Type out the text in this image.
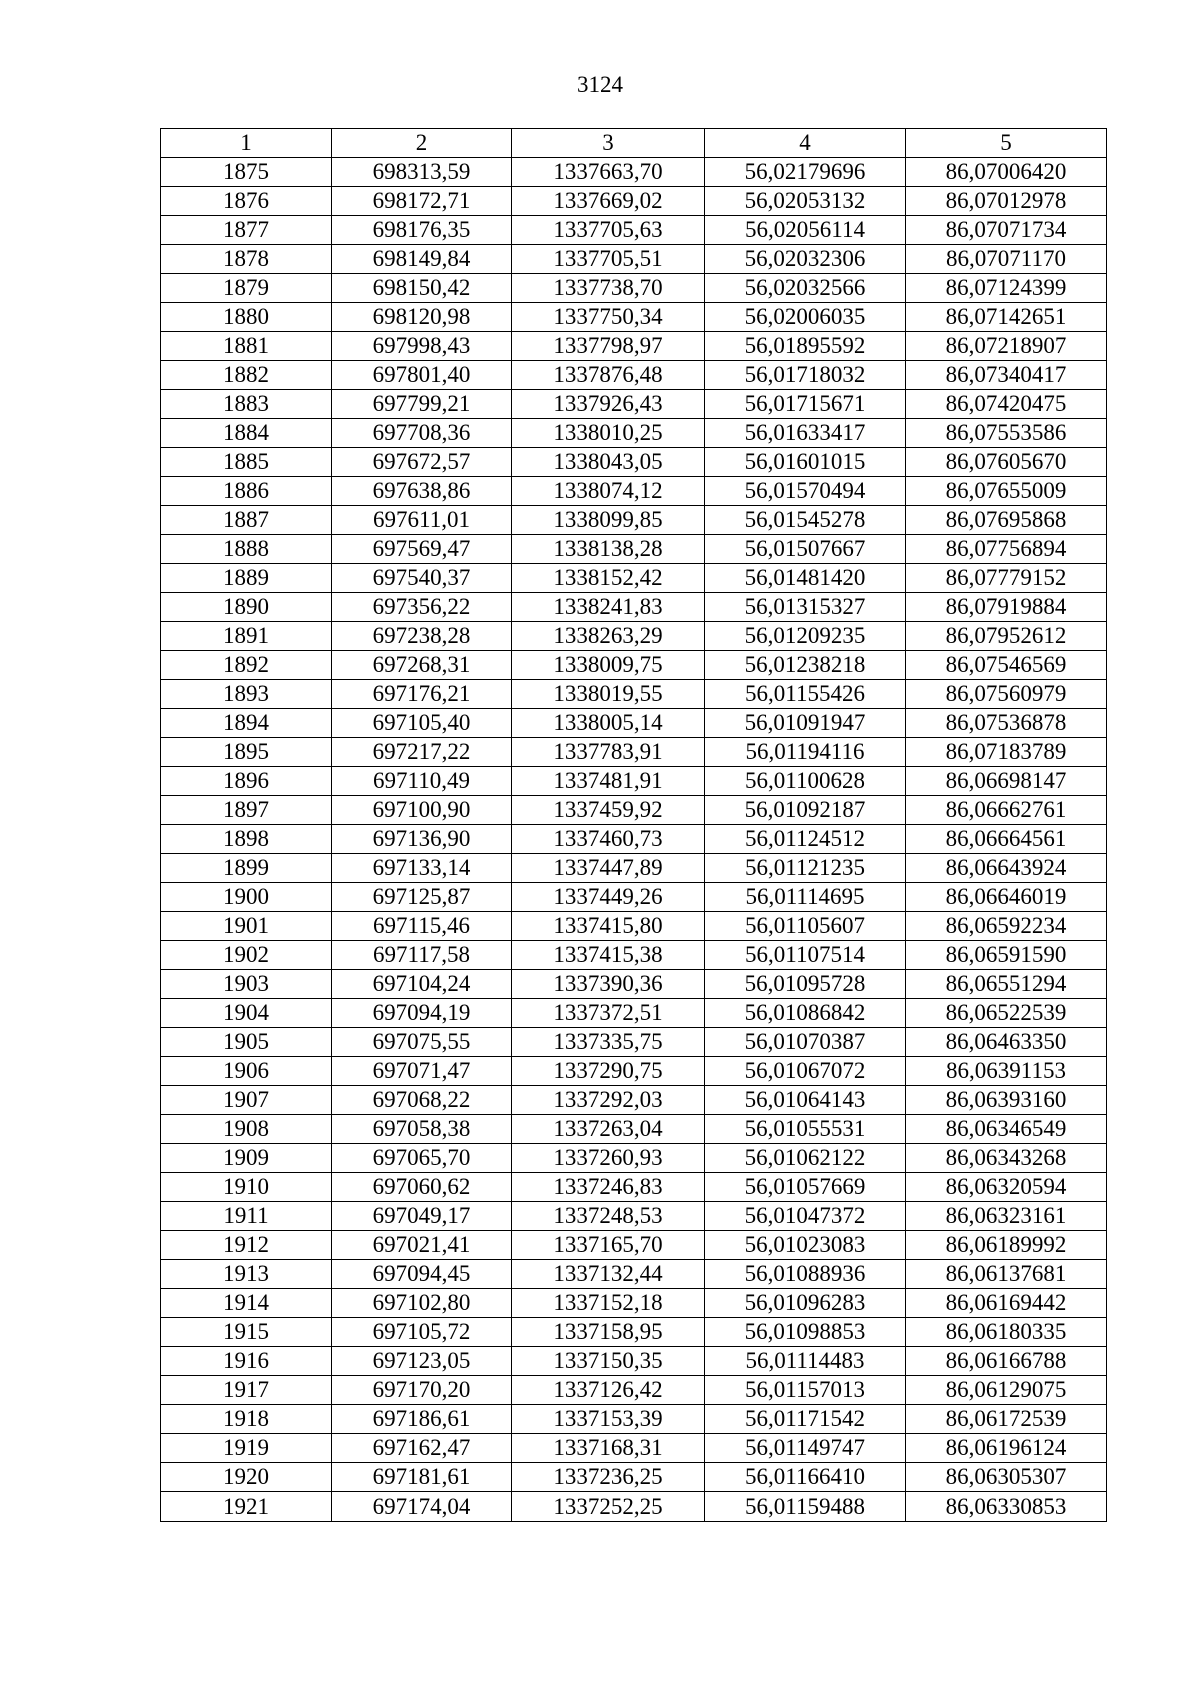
3124
1	2	3	4	5
1875	698313,59	1337663,70	56,02179696	86,07006420
1876	698172,71	1337669,02	56,02053132	86,07012978
1877	698176,35	1337705,63	56,02056114	86,07071734
1878	698149,84	1337705,51	56,02032306	86,07071170
1879	698150,42	1337738,70	56,02032566	86,07124399
1880	698120,98	1337750,34	56,02006035	86,07142651
1881	697998,43	1337798,97	56,01895592	86,07218907
1882	697801,40	1337876,48	56,01718032	86,07340417
1883	697799,21	1337926,43	56,01715671	86,07420475
1884	697708,36	1338010,25	56,01633417	86,07553586
1885	697672,57	1338043,05	56,01601015	86,07605670
1886	697638,86	1338074,12	56,01570494	86,07655009
1887	697611,01	1338099,85	56,01545278	86,07695868
1888	697569,47	1338138,28	56,01507667	86,07756894
1889	697540,37	1338152,42	56,01481420	86,07779152
1890	697356,22	1338241,83	56,01315327	86,07919884
1891	697238,28	1338263,29	56,01209235	86,07952612
1892	697268,31	1338009,75	56,01238218	86,07546569
1893	697176,21	1338019,55	56,01155426	86,07560979
1894	697105,40	1338005,14	56,01091947	86,07536878
1895	697217,22	1337783,91	56,01194116	86,07183789
1896	697110,49	1337481,91	56,01100628	86,06698147
1897	697100,90	1337459,92	56,01092187	86,06662761
1898	697136,90	1337460,73	56,01124512	86,06664561
1899	697133,14	1337447,89	56,01121235	86,06643924
1900	697125,87	1337449,26	56,01114695	86,06646019
1901	697115,46	1337415,80	56,01105607	86,06592234
1902	697117,58	1337415,38	56,01107514	86,06591590
1903	697104,24	1337390,36	56,01095728	86,06551294
1904	697094,19	1337372,51	56,01086842	86,06522539
1905	697075,55	1337335,75	56,01070387	86,06463350
1906	697071,47	1337290,75	56,01067072	86,06391153
1907	697068,22	1337292,03	56,01064143	86,06393160
1908	697058,38	1337263,04	56,01055531	86,06346549
1909	697065,70	1337260,93	56,01062122	86,06343268
1910	697060,62	1337246,83	56,01057669	86,06320594
1911	697049,17	1337248,53	56,01047372	86,06323161
1912	697021,41	1337165,70	56,01023083	86,06189992
1913	697094,45	1337132,44	56,01088936	86,06137681
1914	697102,80	1337152,18	56,01096283	86,06169442
1915	697105,72	1337158,95	56,01098853	86,06180335
1916	697123,05	1337150,35	56,01114483	86,06166788
1917	697170,20	1337126,42	56,01157013	86,06129075
1918	697186,61	1337153,39	56,01171542	86,06172539
1919	697162,47	1337168,31	56,01149747	86,06196124
1920	697181,61	1337236,25	56,01166410	86,06305307
1921	697174,04	1337252,25	56,01159488	86,06330853
